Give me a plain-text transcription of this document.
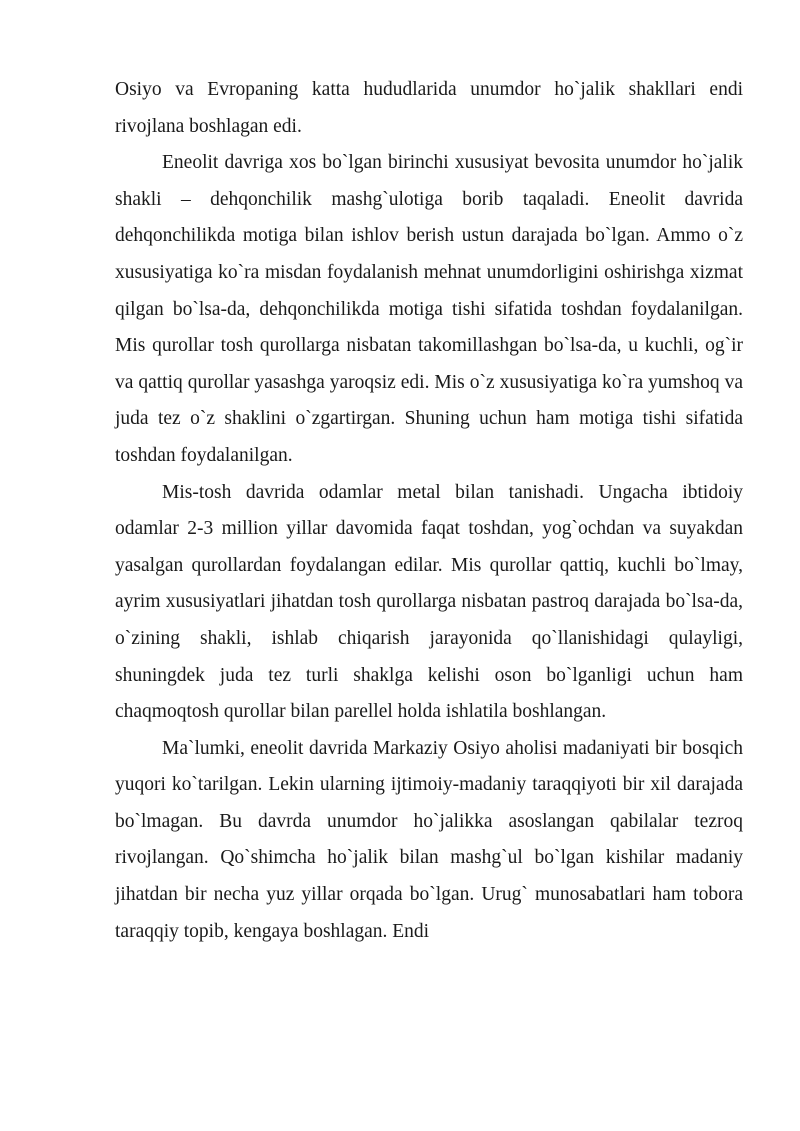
Osiyo va Evropaning katta hududlarida unumdor ho`jalik shakllari endi rivojlana boshlagan edi.

Eneolit davriga xos bo`lgan birinchi xususiyat bevosita unumdor ho`jalik shakli – dehqonchilik mashg`ulotiga borib taqaladi. Eneolit davrida dehqonchilikda motiga bilan ishlov berish ustun darajada bo`lgan. Ammo o`z xususiyatiga ko`ra misdan foydalanish mehnat unumdorligini oshirishga xizmat qilgan bo`lsa-da, dehqonchilikda motiga tishi sifatida toshdan foydalanilgan. Mis qurollar tosh qurollarga nisbatan takomillashgan bo`lsa-da, u kuchli, og`ir va qattiq qurollar yasashga yaroqsiz edi. Mis o`z xususiyatiga ko`ra yumshoq va juda tez o`z shaklini o`zgartirgan. Shuning uchun ham motiga tishi sifatida toshdan foydalanilgan.

Mis-tosh davrida odamlar metal bilan tanishadi. Ungacha ibtidoiy odamlar 2-3 million yillar davomida faqat toshdan, yog`ochdan va suyakdan yasalgan qurollardan foydalangan edilar. Mis qurollar qattiq, kuchli bo`lmay, ayrim xususiyatlari jihatdan tosh qurollarga nisbatan pastroq darajada bo`lsa-da, o`zining shakli, ishlab chiqarish jarayonida qo`llanishidagi qulayligi, shuningdek juda tez turli shaklga kelishi oson bo`lganligi uchun ham chaqmoqtosh qurollar bilan parellel holda ishlatila boshlangan.

Ma`lumki, eneolit davrida Markaziy Osiyo aholisi madaniyati bir bosqich yuqori ko`tarilgan. Lekin ularning ijtimoiy-madaniy taraqqiyoti bir xil darajada bo`lmagan. Bu davrda unumdor ho`jalikka asoslangan qabilalar tezroq rivojlangan. Qo`shimcha ho`jalik bilan mashg`ul bo`lgan kishilar madaniy jihatdan bir necha yuz yillar orqada bo`lgan. Urug` munosabatlari ham tobora taraqqiy topib, kengaya boshlagan. Endi
